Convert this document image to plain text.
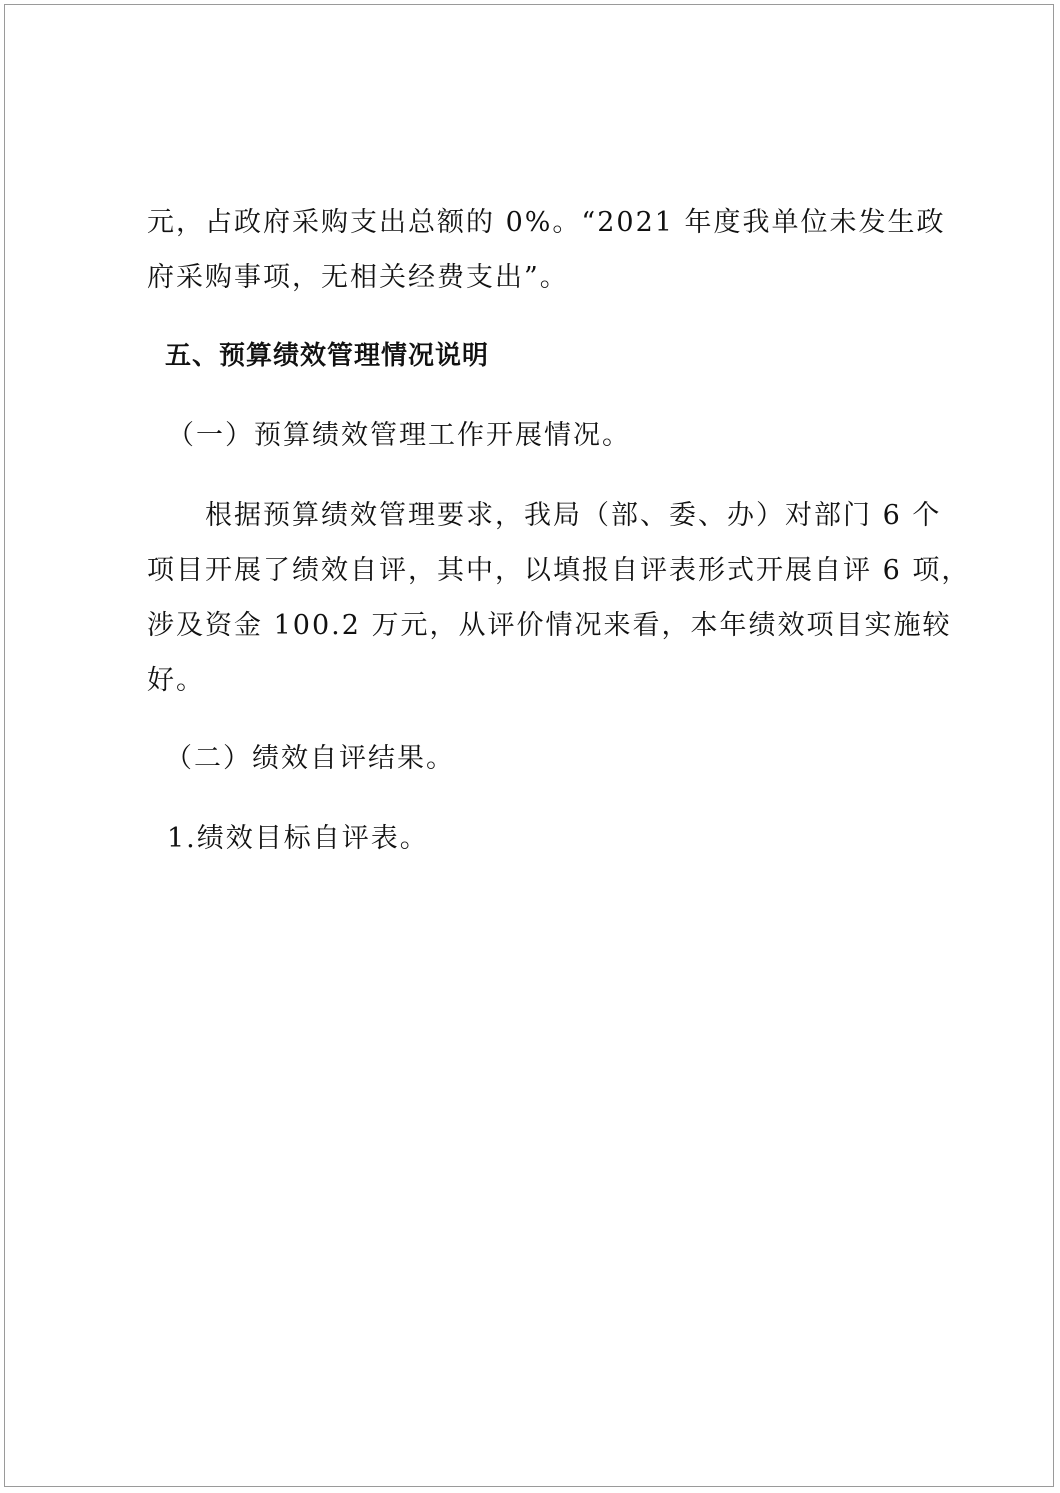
元，占政府采购支出总额的 0%。“2021 年度我单位未发生政
府采购事项，无相关经费支出”。
五、预算绩效管理情况说明
（一）预算绩效管理工作开展情况。
根据预算绩效管理要求，我局（部、委、办）对部门 6 个
项目开展了绩效自评，其中，以填报自评表形式开展自评 6 项，
涉及资金 100.2 万元，从评价情况来看，本年绩效项目实施较
好。
（二）绩效自评结果。
1.绩效目标自评表。
